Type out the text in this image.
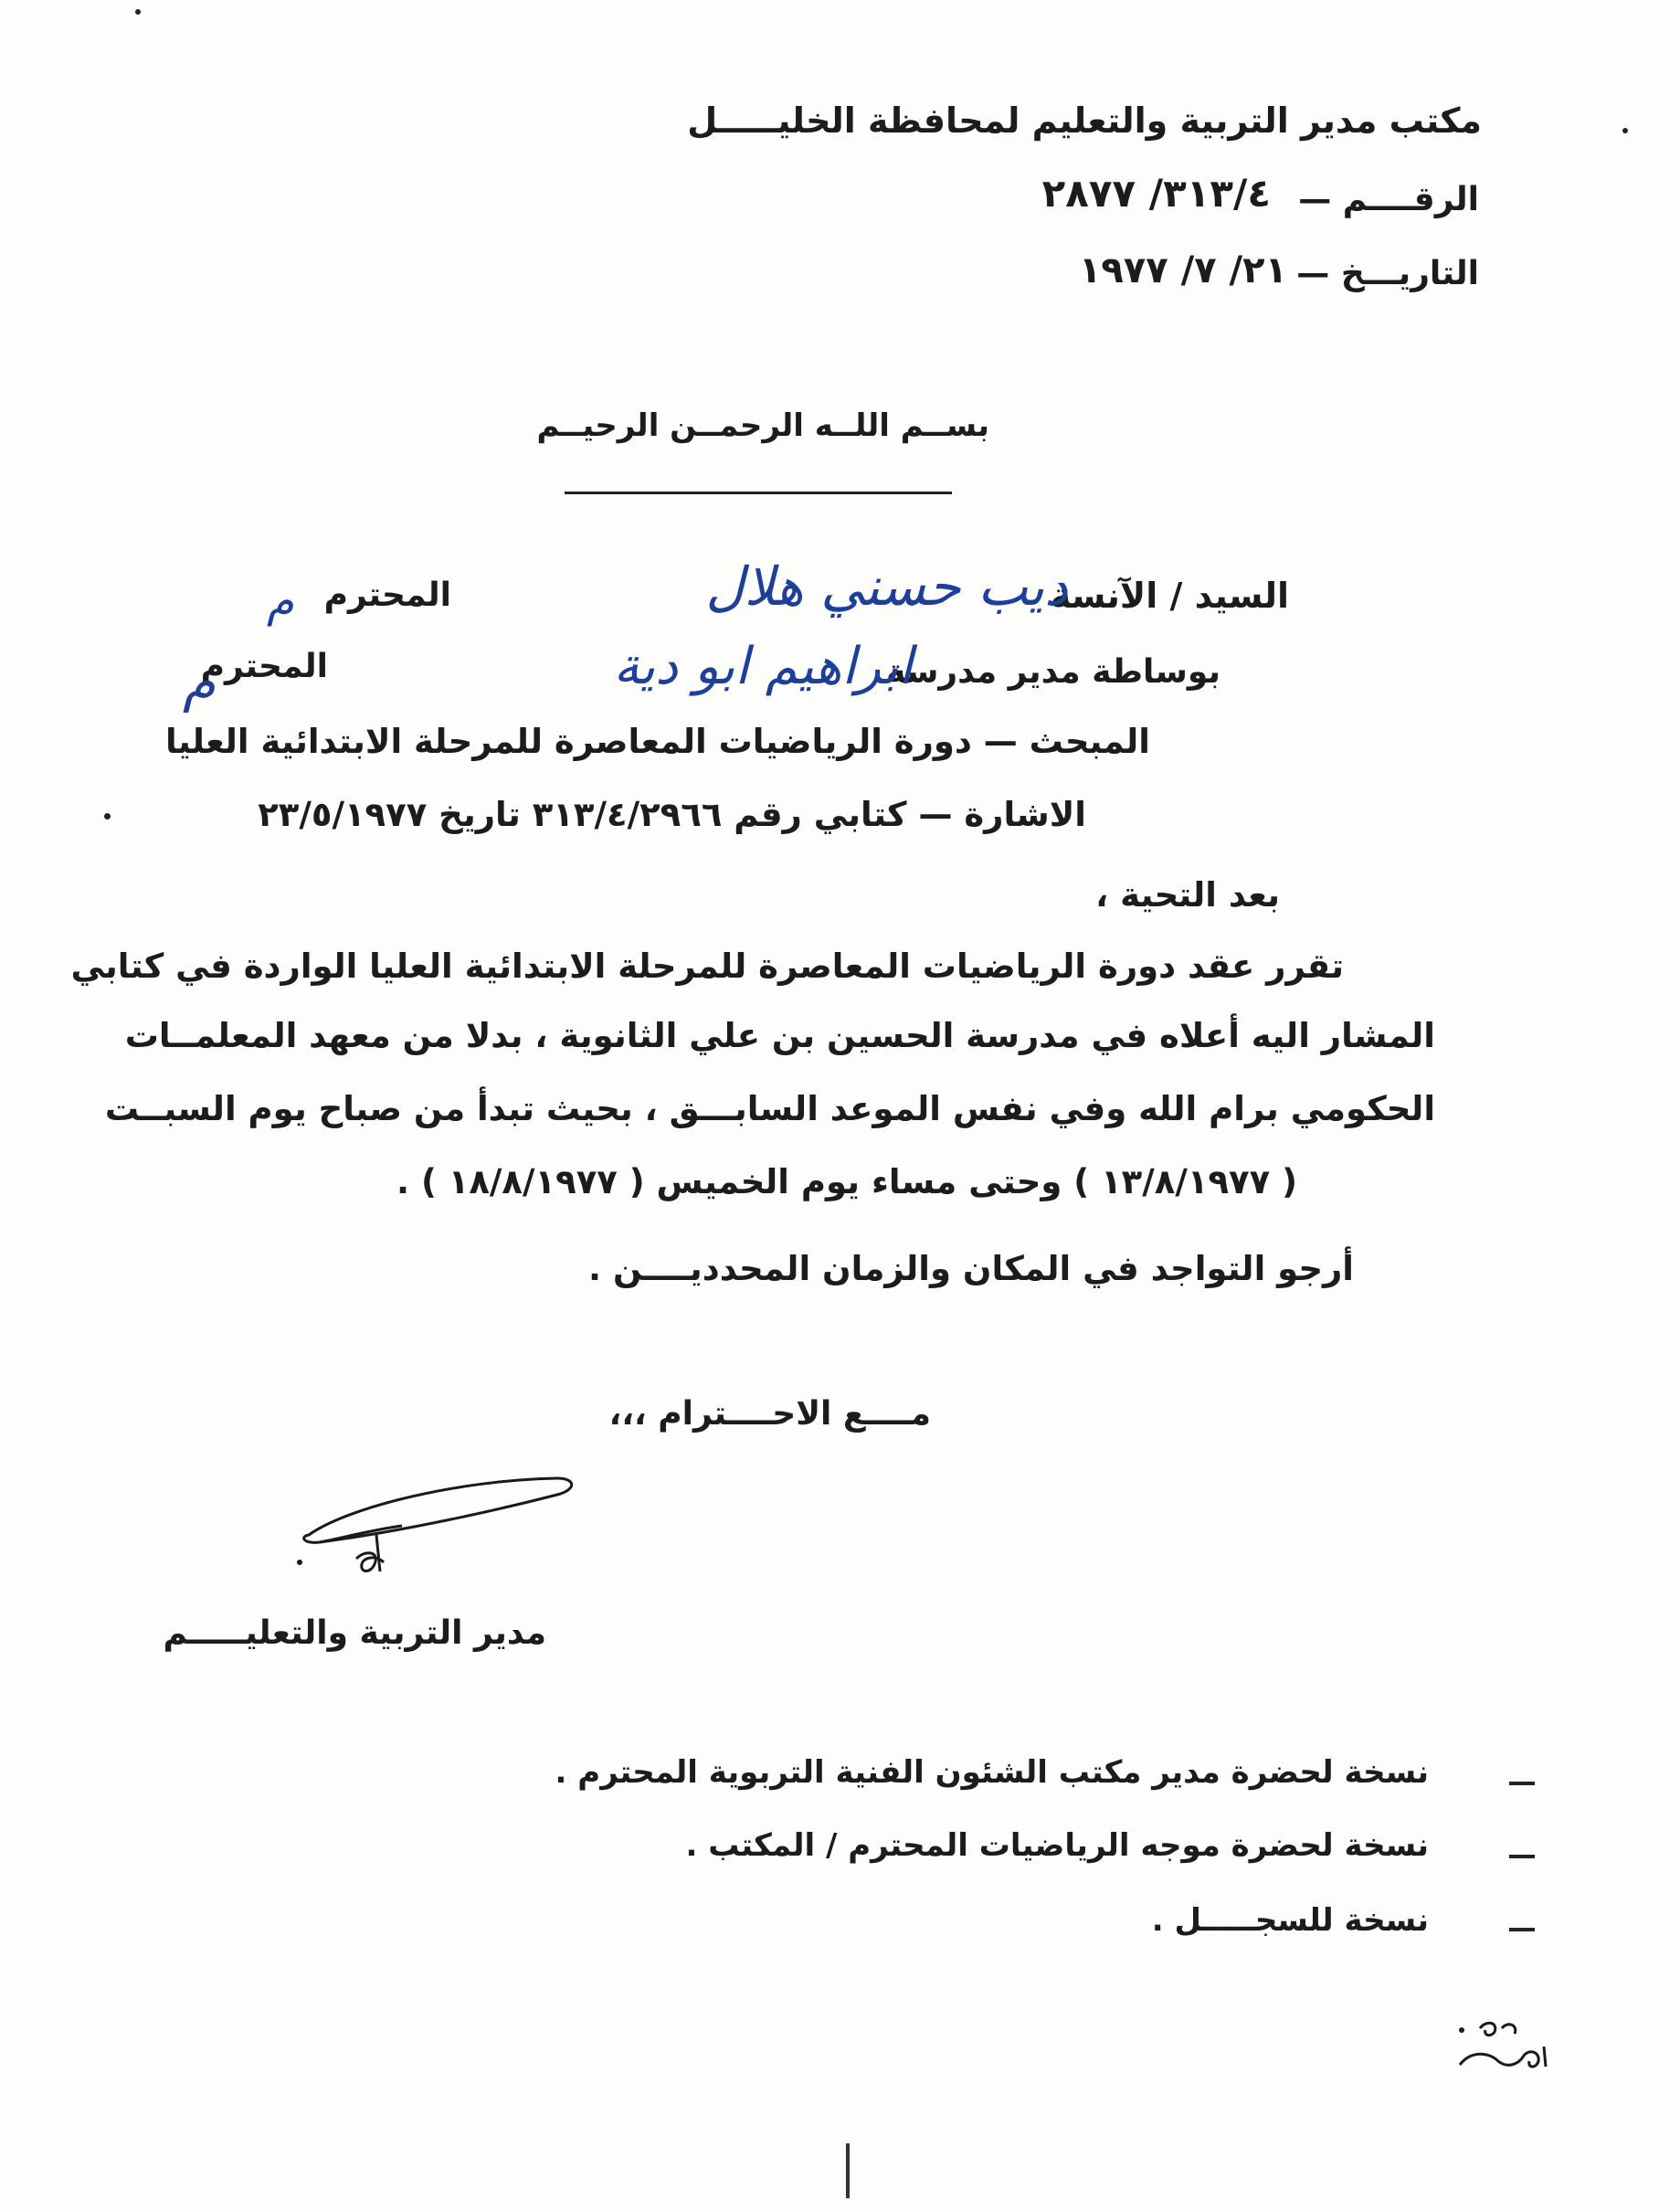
مكتب مدير التربية والتعليم لمحافظة الخليـــــل
الرقــــم —
٣١٣/٤/ ٢٨٧٧
التاريـــخ —
٢١/ ٧/ ١٩٧٧
بســم اللــه الرحمــن الرحيــم
السيد / الآنسة
ديب حسني هلال
المحترم
م
بوساطة مدير مدرسة
ابراهيم ابو دية
المحترم
م
المبحث — دورة الرياضيات المعاصرة للمرحلة الابتدائية العليا
الاشارة — كتابي رقم ٣١٣/٤/٢٩٦٦ تاريخ ٢٣/٥/١٩٧٧
بعد التحية ،
تقرر عقد دورة الرياضيات المعاصرة للمرحلة الابتدائية العليا الواردة في كتابي
المشار اليه أعلاه في مدرسة الحسين بن علي الثانوية ، بدلا من معهد المعلمــات
الحكومي برام الله وفي نفس الموعد السابـــق ، بحيث تبدأ من صباح يوم السبــت
( ١٣/٨/١٩٧٧ ) وحتى مساء يوم الخميس ( ١٨/٨/١٩٧٧ ) .
أرجو التواجد في المكان والزمان المحدديــــن .
مــــع الاحــــترام ،،،
مدير التربية والتعليـــــم
نسخة لحضرة مدير مكتب الشئون الفنية التربوية المحترم .
نسخة لحضرة موجه الرياضيات المحترم / المكتب .
نسخة للسجـــــل .
